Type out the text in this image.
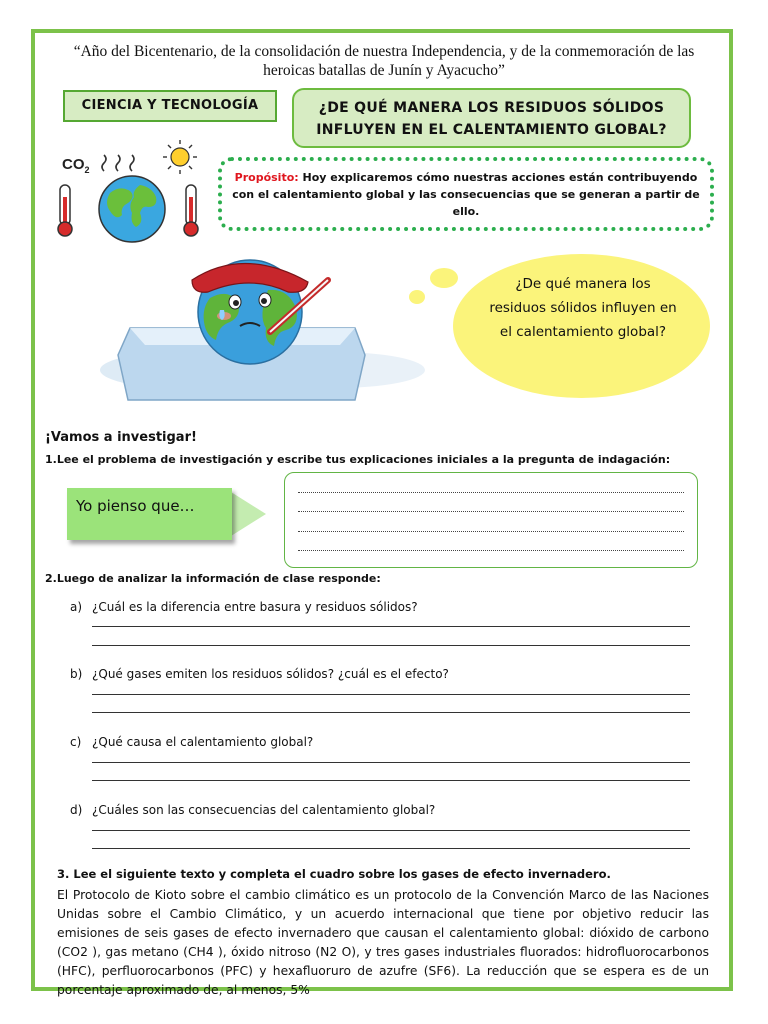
“Año del Bicentenario, de la consolidación de nuestra Independencia, y de la conmemoración de las heroicas batallas de Junín y Ayacucho”
CIENCIA Y TECNOLOGÍA	¿DE QUÉ MANERA LOS RESIDUOS SÓLIDOS INFLUYEN EN EL CALENTAMIENTO GLOBAL?
$CO_2$
Propósito: Hoy explicaremos cómo nuestras acciones están contribuyendo con el calentamiento global y las consecuencias que se generan a partir de ello.
¿De qué manera los residuos sólidos influyen en el calentamiento global?
¡Vamos a investigar!
1.Lee el problema de investigación y escribe tus explicaciones iniciales a la pregunta de indagación:
Yo pienso que…
2.Luego de analizar la información de clase responde:
a) ¿Cuál es la diferencia entre basura y residuos sólidos?
b) ¿Qué gases emiten los residuos sólidos? ¿cuál es el efecto?
c) ¿Qué causa el calentamiento global?
d) ¿Cuáles son las consecuencias del calentamiento global?
3. Lee el siguiente texto y completa el cuadro sobre los gases de efecto invernadero.
El Protocolo de Kioto sobre el cambio climático es un protocolo de la Convención Marco de las Naciones Unidas sobre el Cambio Climático, y un acuerdo internacional que tiene por objetivo reducir las emisiones de seis gases de efecto invernadero que causan el calentamiento global: dióxido de carbono (CO2 ), gas metano (CH4 ), óxido nitroso (N2 O), y tres gases industriales fluorados: hidrofluorocarbonos (HFC), perfluorocarbonos (PFC) y hexafluoruro de azufre (SF6). La reducción que se espera es de un porcentaje aproximado de, al menos, 5%
